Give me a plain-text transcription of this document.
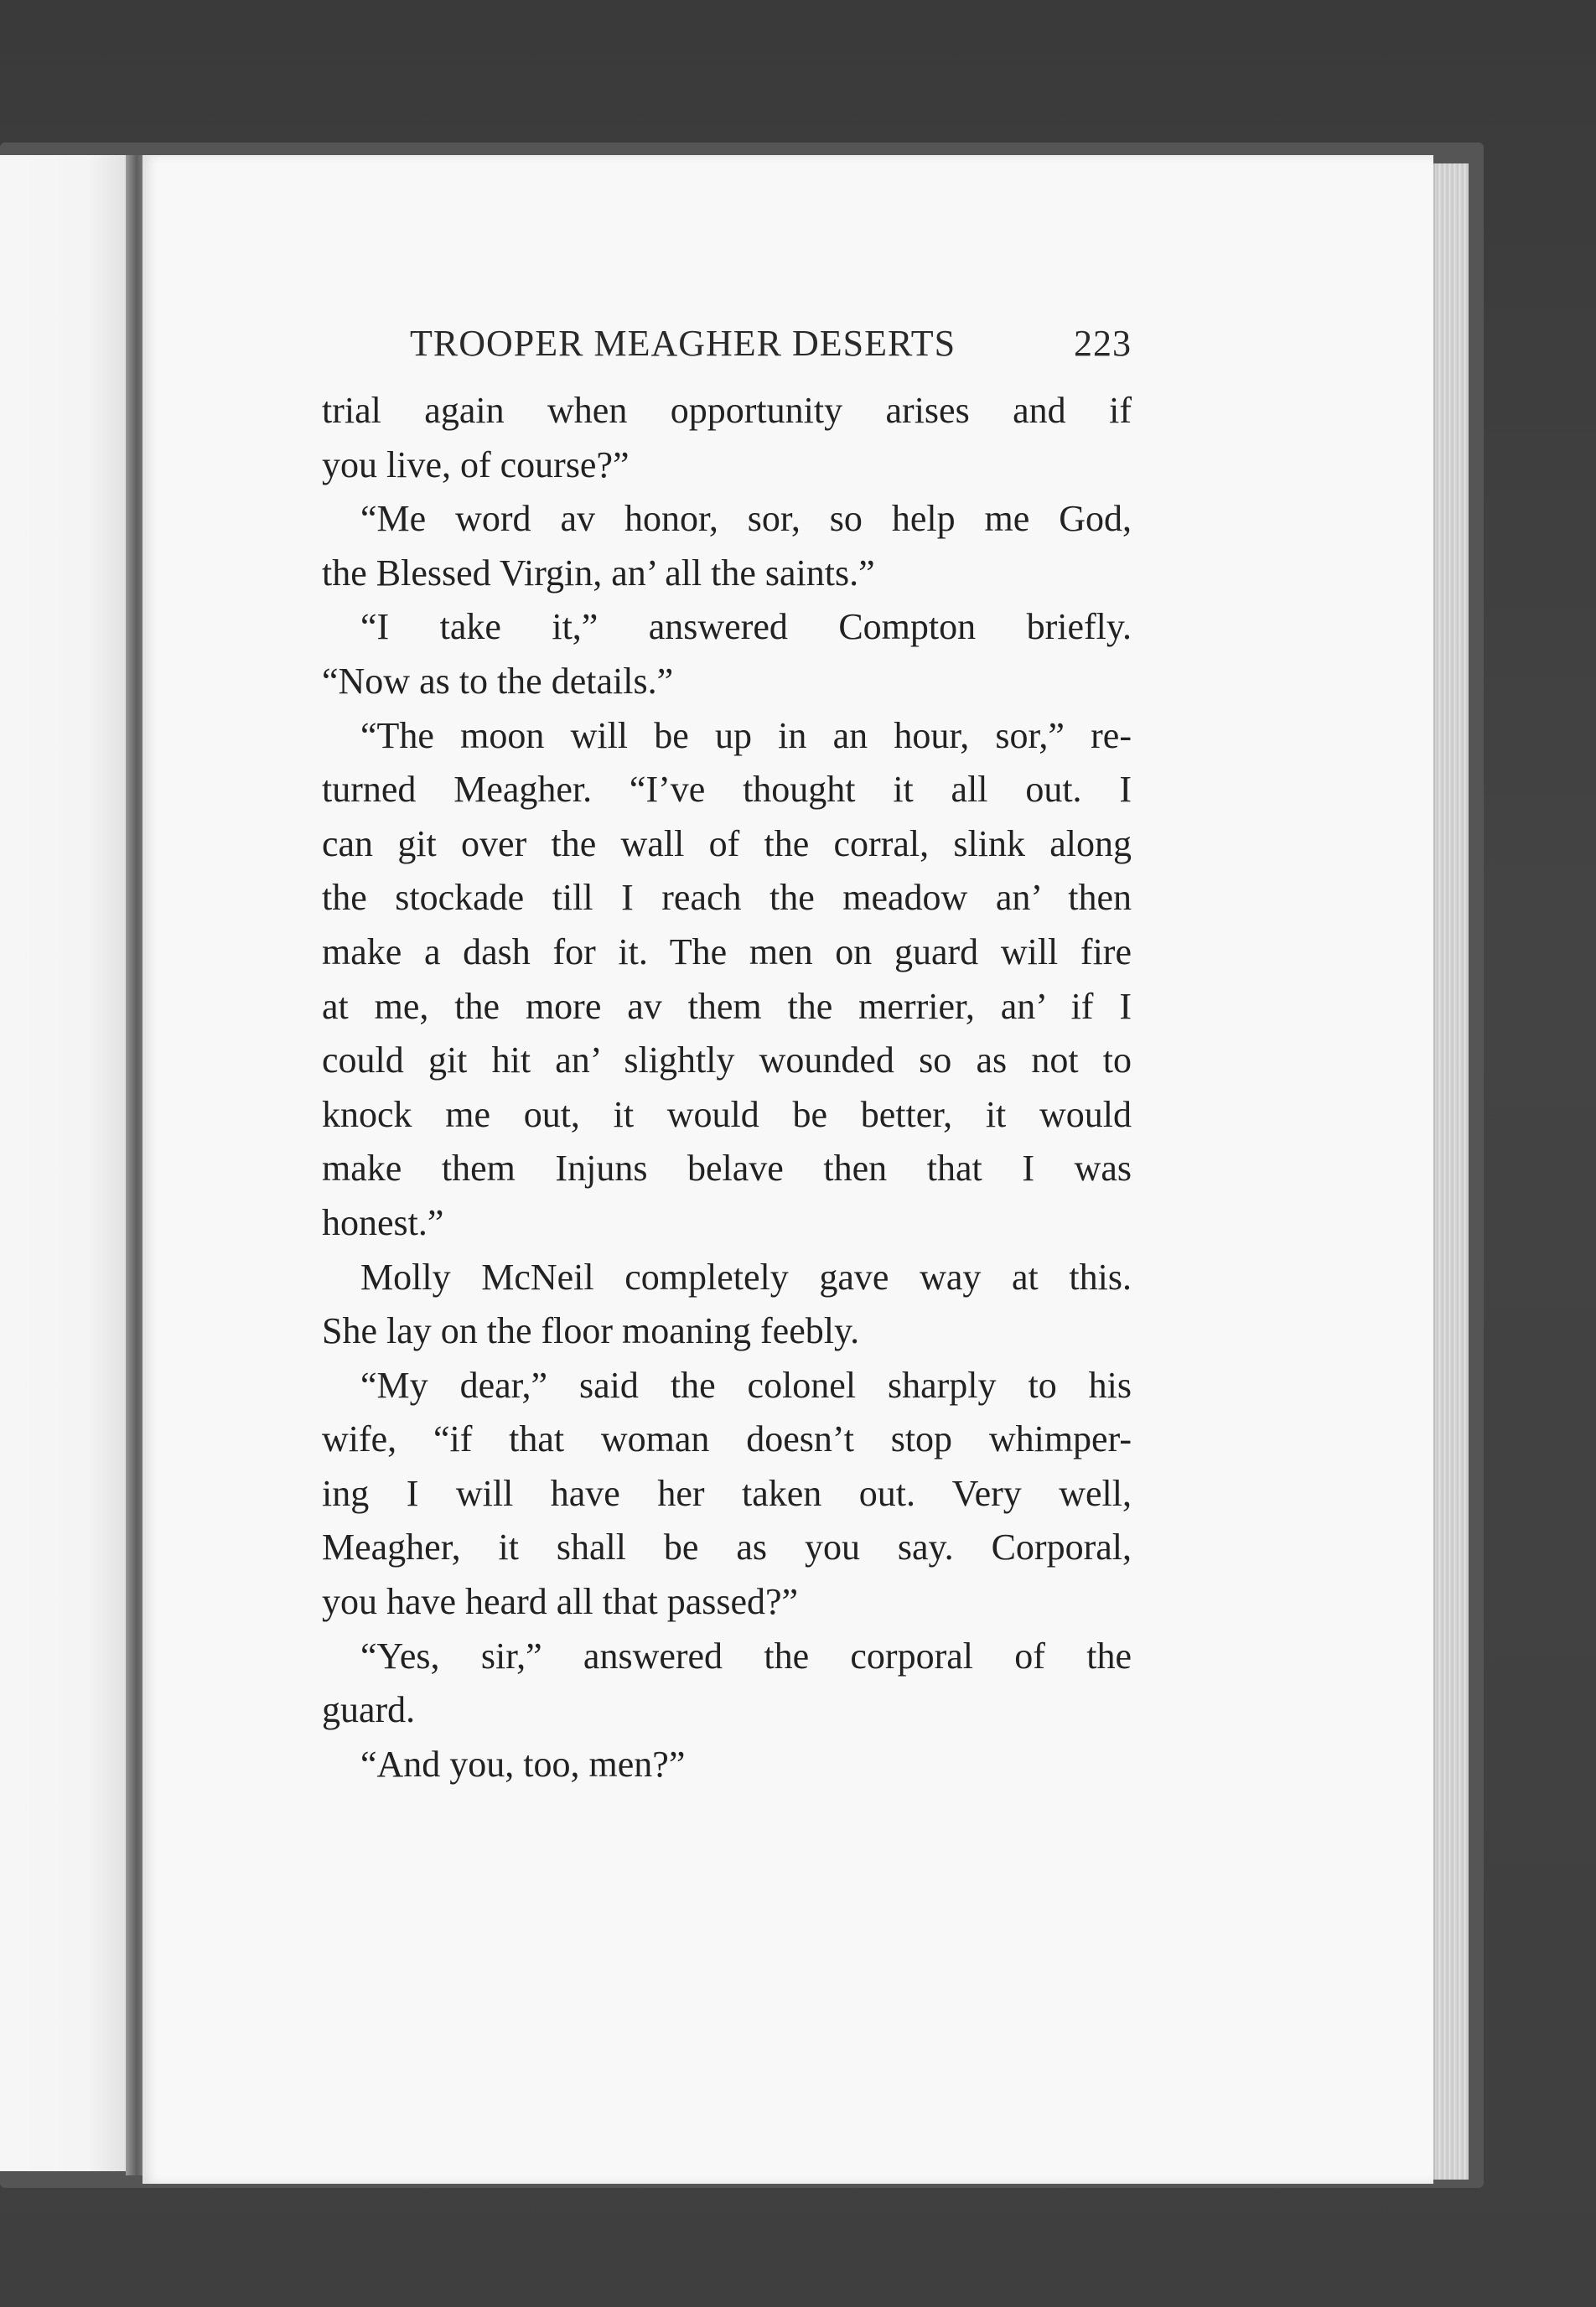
TROOPER MEAGHER DESERTS	223
trial again when opportunity arises and if
you live, of course?”
“Me word av honor, sor, so help me God,
the Blessed Virgin, an’ all the saints.”
“I take it,” answered Compton briefly.
“Now as to the details.”
“The moon will be up in an hour, sor,” re-
turned Meagher. “I’ve thought it all out. I
can git over the wall of the corral, slink along
the stockade till I reach the meadow an’ then
make a dash for it. The men on guard will fire
at me, the more av them the merrier, an’ if I
could git hit an’ slightly wounded so as not to
knock me out, it would be better, it would
make them Injuns belave then that I was
honest.”
Molly McNeil completely gave way at this.
She lay on the floor moaning feebly.
“My dear,” said the colonel sharply to his
wife, “if that woman doesn’t stop whimper-
ing I will have her taken out. Very well,
Meagher, it shall be as you say. Corporal,
you have heard all that passed?”
“Yes, sir,” answered the corporal of the
guard.
“And you, too, men?”
